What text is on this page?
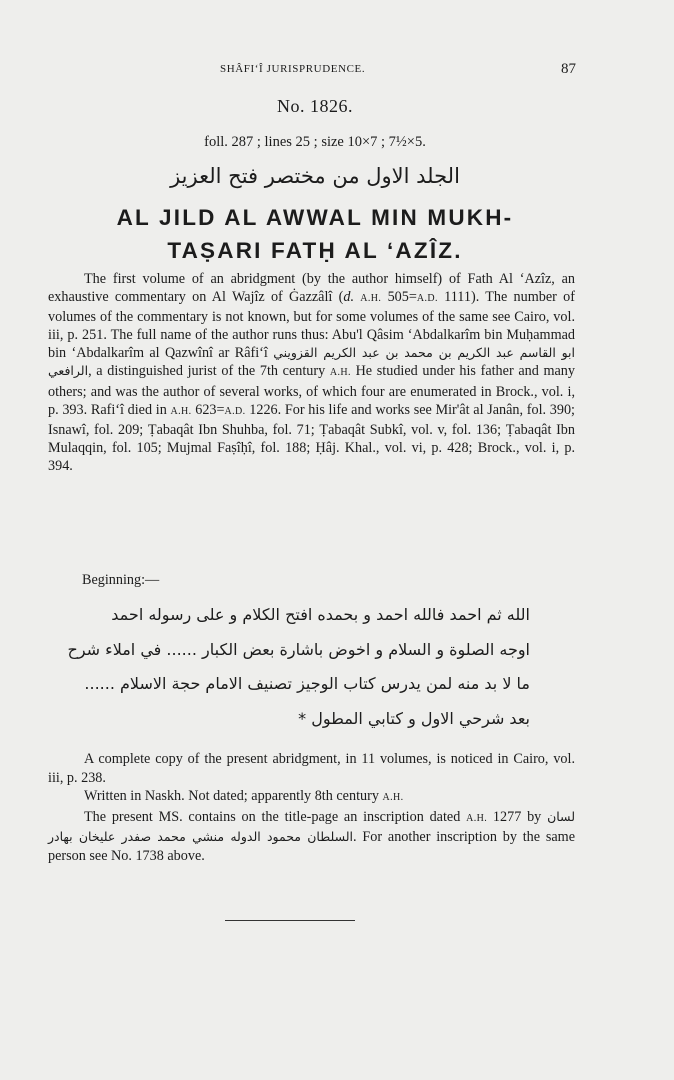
SHÂFIʻÎ JURISPRUDENCE.	87
No. 1826.
foll. 287 ; lines 25 ; size 10×7 ; 7½×5.
الجلد الاول من مختصر فتح العزيز
AL JILD AL AWWAL MIN MUKH-
TAṢARI FATḤ AL ʻAZÎZ.

The first volume of an abridgment (by the author himself) of Fath Al ʻAzîz, an exhaustive commentary on Al Wajîz of Ġazzâlî (d. A.H. 505=A.D. 1111). The number of volumes of the commentary is not known, but for some volumes of the same see Cairo, vol. iii, p. 251. The full name of the author runs thus: Abu'l Qâsim ʻAbdalkarîm bin Muḥammad bin ʻAbdalkarîm al Qazwînî ar Râfiʻî ابو القاسم عبد الكريم بن محمد بن عبد الكريم القزويني الرافعي, a distinguished jurist of the 7th century A.H. He studied under his father and many others; and was the author of several works, of which four are enumerated in Brock., vol. i, p. 393. Rafiʻî died in A.H. 623=A.D. 1226. For his life and works see Mir'ât al Janân, fol. 390; Isnawî, fol. 209; Ṭabaqât Ibn Shuhba, fol. 71; Ṭabaqât Subkî, vol. v, fol. 136; Ṭabaqât Ibn Mulaqqin, fol. 105; Mujmal Faṣîḥî, fol. 188; Ḥâj. Khal., vol. vi, p. 428; Brock., vol. i, p. 394.

Beginning:—

الله ثم احمد فالله احمد و بحمده افتح الكلام و على رسوله احمد

اوجه الصلوة و السلام و اخوض باشارة بعض الكبار ...... في املاء شرح

ما لا بد منه لمن يدرس كتاب الوجيز تصنيف الامام حجة الاسلام ......

بعد شرحي الاول و كتابي المطول *

A complete copy of the present abridgment, in 11 volumes, is noticed in Cairo, vol. iii, p. 238.

Written in Naskh. Not dated; apparently 8th century A.H.

The present MS. contains on the title-page an inscription dated A.H. 1277 by لسان السلطان محمود الدوله منشي محمد صفدر عليخان بهادر. For another inscription by the same person see No. 1738 above.
